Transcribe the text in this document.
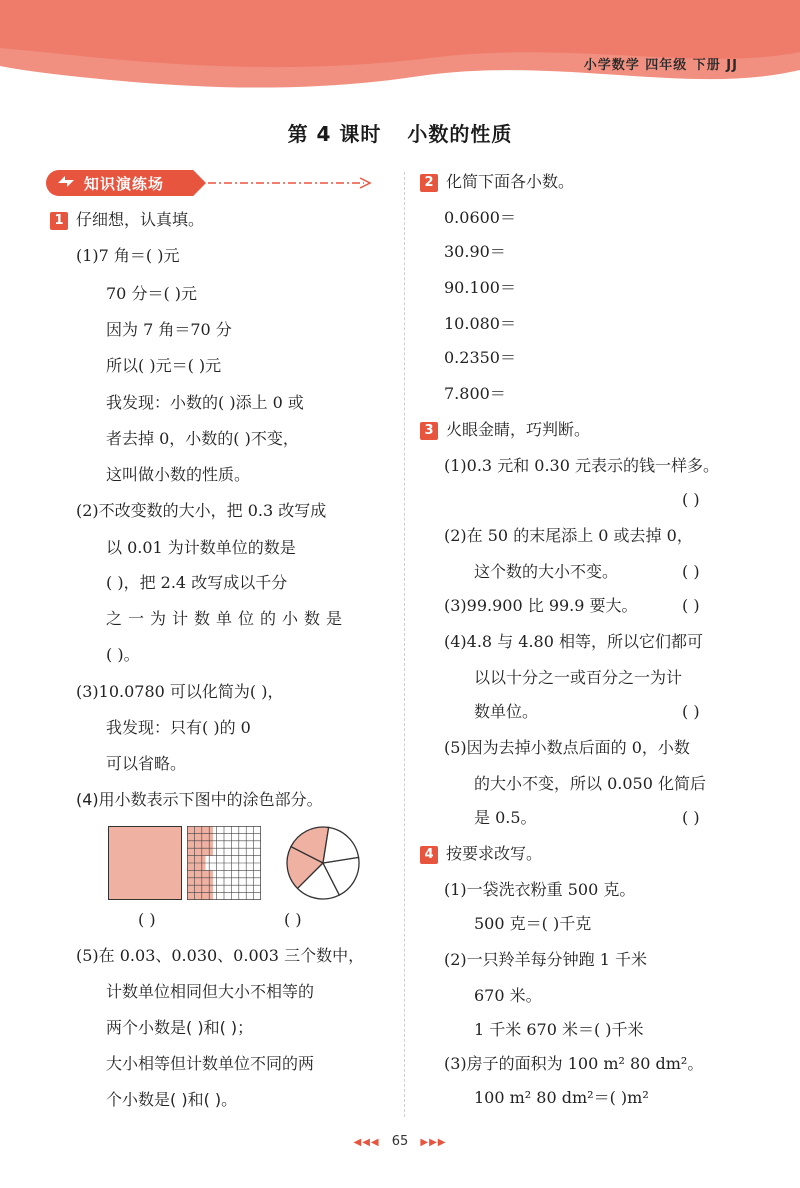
小学数学 四年级 下册 JJ
第 4 课时 小数的性质
知识演练场
1 仔细想，认真填。
(1)7 角＝( )元
70 分＝( )元
因为 7 角＝70 分
所以( )元＝( )元
我发现：小数的( )添上 0 或
者去掉 0，小数的( )不变，
这叫做小数的性质。
(2)不改变数的大小，把 0.3 改写成
以 0.01 为计数单位的数是
( )，把 2.4 改写成以千分
之一为计数单位的小数是
( )。
(3)10.0780 可以化简为( )，
我发现：只有( )的 0
可以省略。
(4)用小数表示下图中的涂色部分。
( )	( )
(5)在 0.03、0.030、0.003 三个数中，
计数单位相同但大小不相等的
两个小数是( )和( )；
大小相等但计数单位不同的两
个小数是( )和( )。
2 化简下面各小数。
0.0600＝
30.90＝
90.100＝
10.080＝
0.2350＝
7.800＝
3 火眼金睛，巧判断。
(1)0.3 元和 0.30 元表示的钱一样多。
( )
(2)在 50 的末尾添上 0 或去掉 0，
这个数的大小不变。	( )
(3)99.900 比 99.9 要大。	( )
(4)4.8 与 4.80 相等，所以它们都可
以以十分之一或百分之一为计
数单位。	( )
(5)因为去掉小数点后面的 0，小数
的大小不变，所以 0.050 化简后
是 0.5。	( )
4 按要求改写。
(1)一袋洗衣粉重 500 克。
500 克＝( )千克
(2)一只羚羊每分钟跑 1 千米
670 米。
1 千米 670 米＝( )千米
(3)房子的面积为 100 m² 80 dm²。
100 m² 80 dm²＝( )m²
◀◀◀ 65 ▶▶▶
